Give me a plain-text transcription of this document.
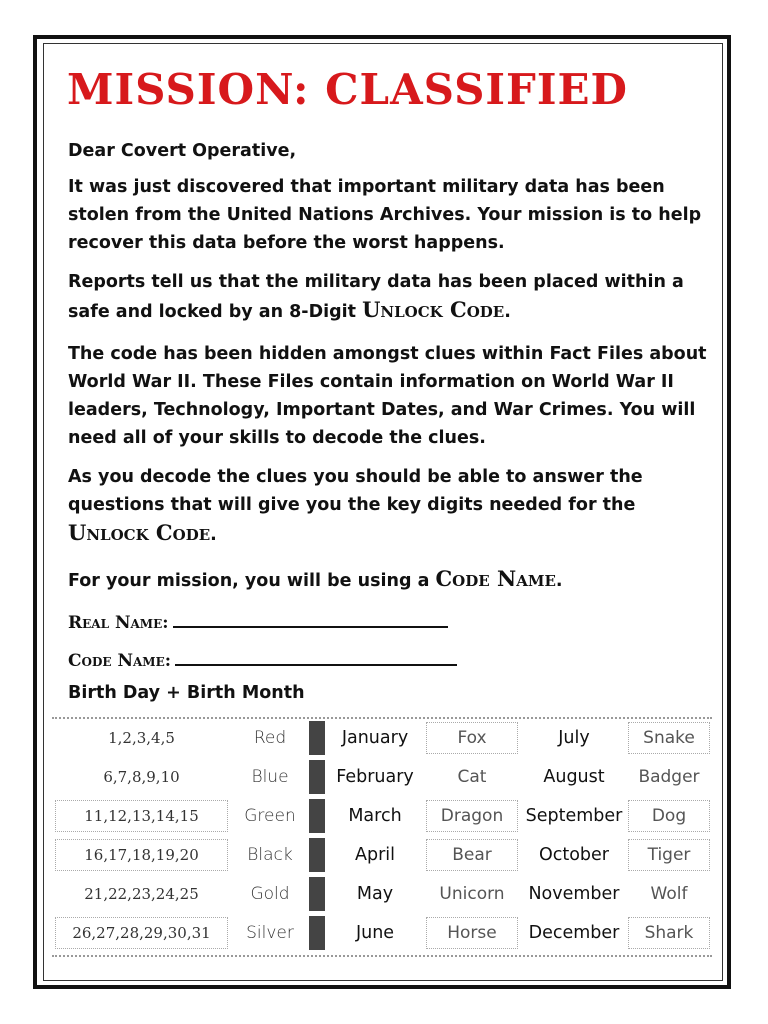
MISSION: CLASSIFIED
Dear Covert Operative,
It was just discovered that important military data has been stolen from the United Nations Archives. Your mission is to help recover this data before the worst happens.
Reports tell us that the military data has been placed within a safe and locked by an 8-Digit Unlock Code.
The code has been hidden amongst clues within Fact Files about World War II. These Files contain information on World War II leaders, Technology, Important Dates, and War Crimes. You will need all of your skills to decode the clues.
As you decode the clues you should be able to answer the questions that will give you the key digits needed for the Unlock Code.
For your mission, you will be using a Code Name.
Real Name:
Code Name:
Birth Day + Birth Month
1,2,3,4,5	Red	January	Fox	July	Snake
6,7,8,9,10	Blue	February	Cat	August	Badger
11,12,13,14,15	Green	March	Dragon	September	Dog
16,17,18,19,20	Black	April	Bear	October	Tiger
21,22,23,24,25	Gold	May	Unicorn	November	Wolf
26,27,28,29,30,31	Silver	June	Horse	December	Shark
